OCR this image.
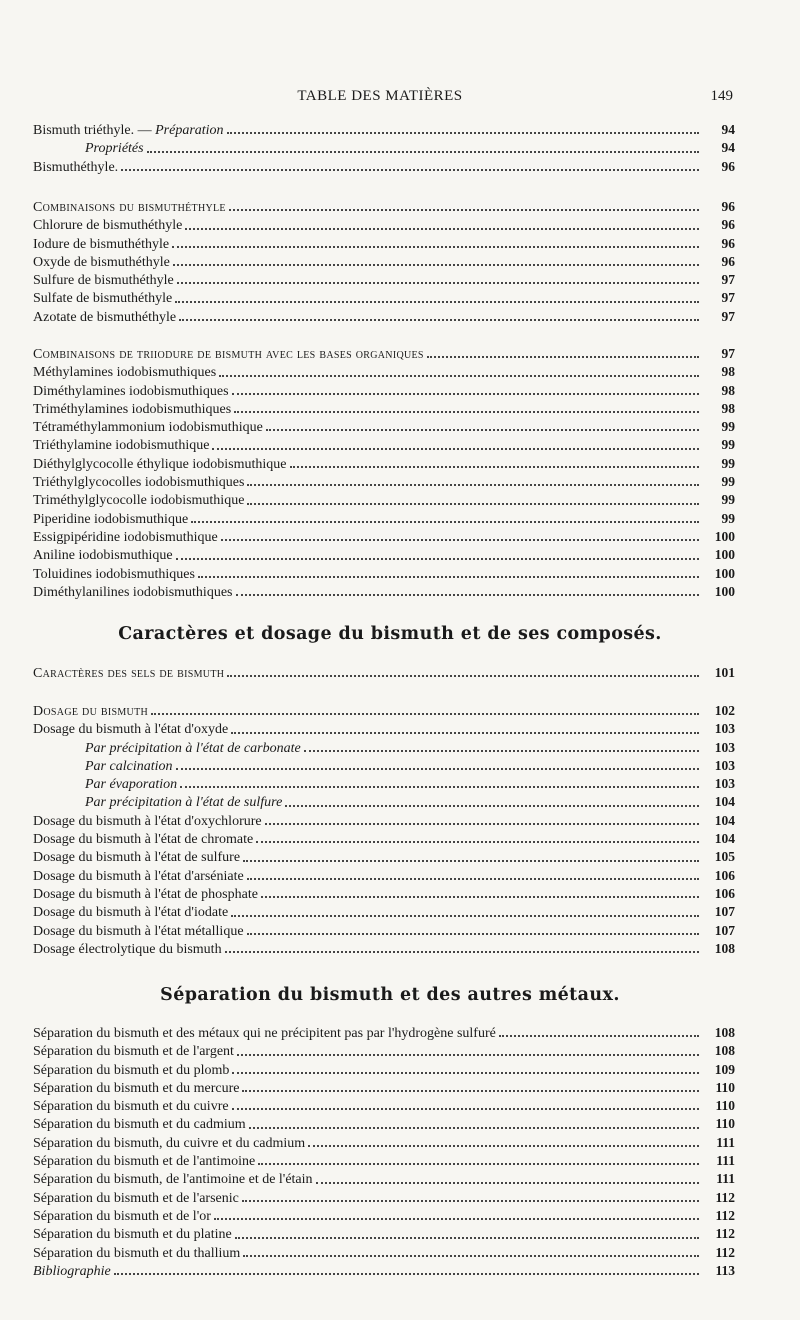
TABLE DES MATIÈRES	149
Bismuth triéthyle. — Préparation	94
Propriétés	94
Bismuthéthyle.	96
Combinaisons du bismuthéthyle	96
Chlorure de bismuthéthyle	96
Iodure de bismuthéthyle	96
Oxyde de bismuthéthyle	96
Sulfure de bismuthéthyle	97
Sulfate de bismuthéthyle	97
Azotate de bismuthéthyle	97
Combinaisons de triiodure de bismuth avec les bases organiques	97
Méthylamines iodobismuthiques	98
Diméthylamines iodobismuthiques	98
Triméthylamines iodobismuthiques	98
Tétraméthylammonium iodobismuthique	99
Triéthylamine iodobismuthique	99
Diéthylglycocolle éthylique iodobismuthique	99
Triéthylglycocolles iodobismuthiques	99
Triméthylglycocolle iodobismuthique	99
Piperidine iodobismuthique	99
Essigpipéridine iodobismuthique	100
Aniline iodobismuthique	100
Toluidines iodobismuthiques	100
Diméthylanilines iodobismuthiques	100
Caractères et dosage du bismuth et de ses composés.
Caractères des sels de bismuth	101
Dosage du bismuth	102
Dosage du bismuth à l'état d'oxyde	103
Par précipitation à l'état de carbonate	103
Par calcination	103
Par évaporation	103
Par précipitation à l'état de sulfure	104
Dosage du bismuth à l'état d'oxychlorure	104
Dosage du bismuth à l'état de chromate	104
Dosage du bismuth à l'état de sulfure	105
Dosage du bismuth à l'état d'arséniate	106
Dosage du bismuth à l'état de phosphate	106
Dosage du bismuth à l'état d'iodate	107
Dosage du bismuth à l'état métallique	107
Dosage électrolytique du bismuth	108
Séparation du bismuth et des autres métaux.
Séparation du bismuth et des métaux qui ne précipitent pas par l'hydrogène sulfuré	108
Séparation du bismuth et de l'argent	108
Séparation du bismuth et du plomb	109
Séparation du bismuth et du mercure	110
Séparation du bismuth et du cuivre	110
Séparation du bismuth et du cadmium	110
Séparation du bismuth, du cuivre et du cadmium	111
Séparation du bismuth et de l'antimoine	111
Séparation du bismuth, de l'antimoine et de l'étain	111
Séparation du bismuth et de l'arsenic	112
Séparation du bismuth et de l'or	112
Séparation du bismuth et du platine	112
Séparation du bismuth et du thallium	112
Bibliographie	113
